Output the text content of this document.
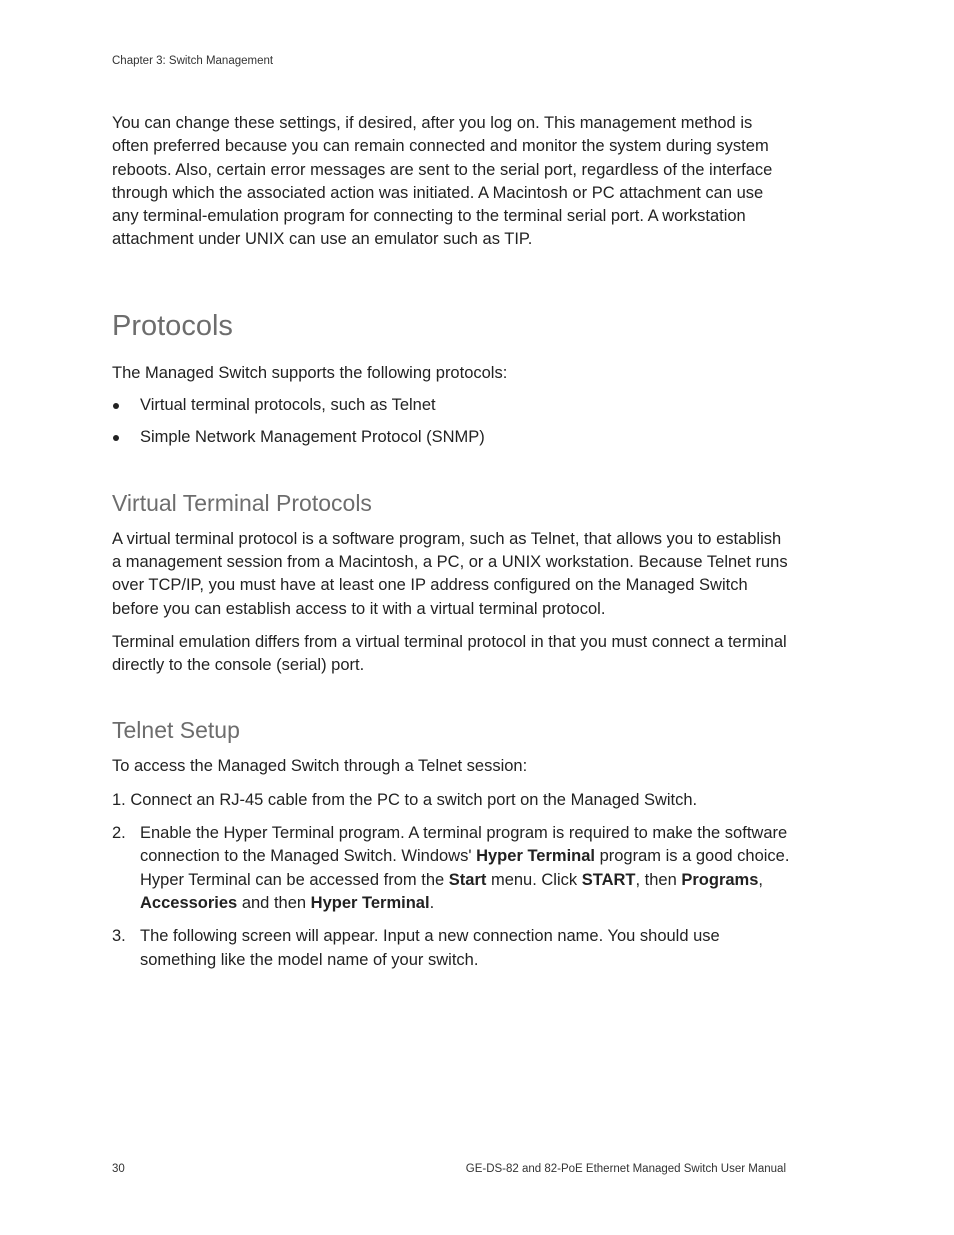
Chapter 3: Switch Management

You can change these settings, if desired, after you log on. This management method is often preferred because you can remain connected and monitor the system during system reboots. Also, certain error messages are sent to the serial port, regardless of the interface through which the associated action was initiated. A Macintosh or PC attachment can use any terminal-emulation program for connecting to the terminal serial port. A workstation attachment under UNIX can use an emulator such as TIP.

Protocols

The Managed Switch supports the following protocols:

Virtual terminal protocols, such as Telnet
Simple Network Management Protocol (SNMP)
Virtual Terminal Protocols

A virtual terminal protocol is a software program, such as Telnet, that allows you to establish a management session from a Macintosh, a PC, or a UNIX workstation. Because Telnet runs over TCP/IP, you must have at least one IP address configured on the Managed Switch before you can establish access to it with a virtual terminal protocol.

Terminal emulation differs from a virtual terminal protocol in that you must connect a terminal directly to the console (serial) port.

Telnet Setup

To access the Managed Switch through a Telnet session:

1. Connect an RJ-45 cable from the PC to a switch port on the Managed Switch.

2. Enable the Hyper Terminal program. A terminal program is required to make the software connection to the Managed Switch. Windows' Hyper Terminal program is a good choice. Hyper Terminal can be accessed from the Start menu. Click START, then Programs, Accessories and then Hyper Terminal.

3. The following screen will appear. Input a new connection name. You should use something like the model name of your switch.

30	GE-DS-82 and 82-PoE Ethernet Managed Switch User Manual
